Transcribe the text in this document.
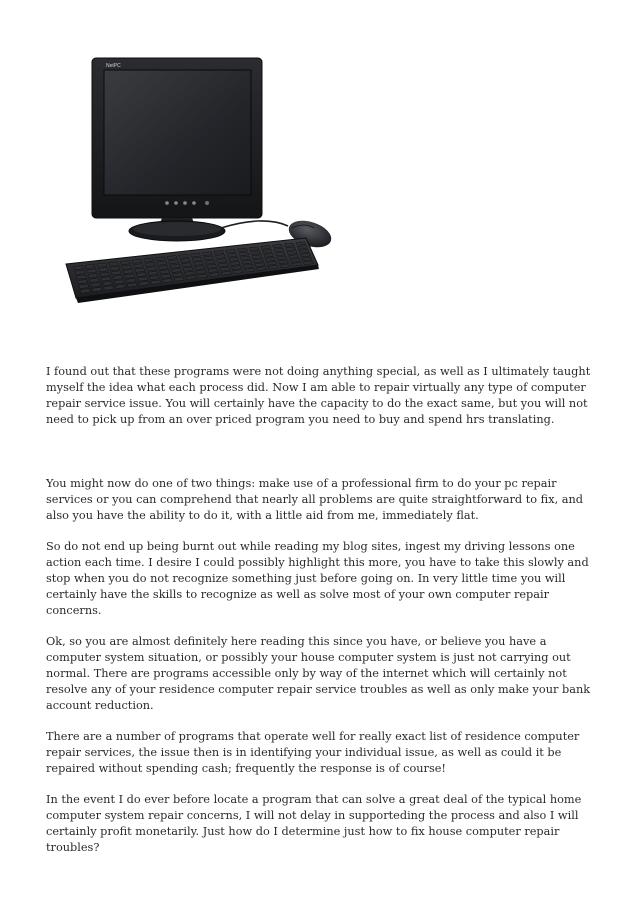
NetPC

I found out that these programs were not doing anything special, as well as I ultimately taught myself the idea what each process did. Now I am able to repair virtually any type of computer repair service issue. You will certainly have the capacity to do the exact same, but you will not need to pick up from an over priced program you need to buy and spend hrs translating.

You might now do one of two things: make use of a professional firm to do your pc repair services or you can comprehend that nearly all problems are quite straightforward to fix, and also you have the ability to do it, with a little aid from me, immediately flat.

So do not end up being burnt out while reading my blog sites, ingest my driving lessons one action each time. I desire I could possibly highlight this more, you have to take this slowly and stop when you do not recognize something just before going on. In very little time you will certainly have the skills to recognize as well as solve most of your own computer repair concerns.

Ok, so you are almost definitely here reading this since you have, or believe you have a computer system situation, or possibly your house computer system is just not carrying out normal. There are programs accessible only by way of the internet which will certainly not resolve any of your residence computer repair service troubles as well as only make your bank account reduction.

There are a number of programs that operate well for really exact list of residence computer repair services, the issue then is in identifying your individual issue, as well as could it be repaired without spending cash; frequently the response is of course!

In the event I do ever before locate a program that can solve a great deal of the typical home computer system repair concerns, I will not delay in supporteding the process and also I will certainly profit monetarily. Just how do I determine just how to fix house computer repair troubles?
